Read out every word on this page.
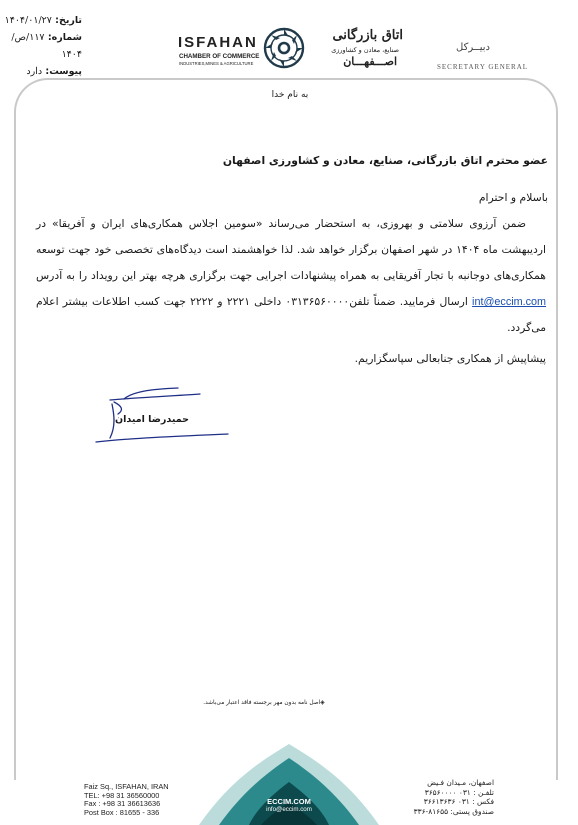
تاریخ: ۱۴۰۴/۰۱/۲۷
شماره: ۱۱۷/ص/۱۴۰۴
پیوست: دارد
ISFAHAN
CHAMBER OF COMMERCE
INDUSTRIES,MINES & AGRICULTURE
اتاق بازرگانی
صنایع، معادن و کشاورزی
اصـــفهـــان
دبیــرکل
SECRETARY GENERAL
به نام خدا
عضو محترم اتاق بازرگانی، صنایع، معادن و کشاورزی اصفهان
باسلام و احترام
ضمن آرزوی سلامتی و بهروزی، به استحضار می‌رساند «سومین اجلاس همکاری‌های ایران و آفریقا» در اردیبهشت ماه ۱۴۰۴ در شهر اصفهان برگزار خواهد شد. لذا خواهشمند است دیدگاه‌های تخصصی خود جهت توسعه همکاری‌های دوجانبه با تجار آفریقایی به همراه پیشنهادات اجرایی جهت برگزاری هرچه بهتر این رویداد را به آدرس int@eccim.com ارسال فرمایید. ضمناً تلفن۰۳۱۳۶۵۶۰۰۰۰ داخلی ۲۲۲۱ و ۲۲۲۲ جهت کسب اطلاعات بیشتر اعلام می‌گردد.
پیشاپیش از همکاری جنابعالی سپاسگزاریم.
حمیدرضا امیدان
◈اصل نامه بدون مهر برجسته فاقد اعتبار می‌باشد.
ECCIM.COM
info@eccim.com
Faiz Sq., ISFAHAN, IRAN
TEL: +98 31 36560000
Fax : +98 31 36613636
Post Box : 81655 - 336
اصفهان، مـیدان فـیض
تلفـن : ۰۳۱ ۳۶۵۶۰۰۰۰
فکس : ۰۳۱ ۳۶۶۱۳۶۳۶
صندوق پستی: ۸۱۶۵۵-۳۳۶
